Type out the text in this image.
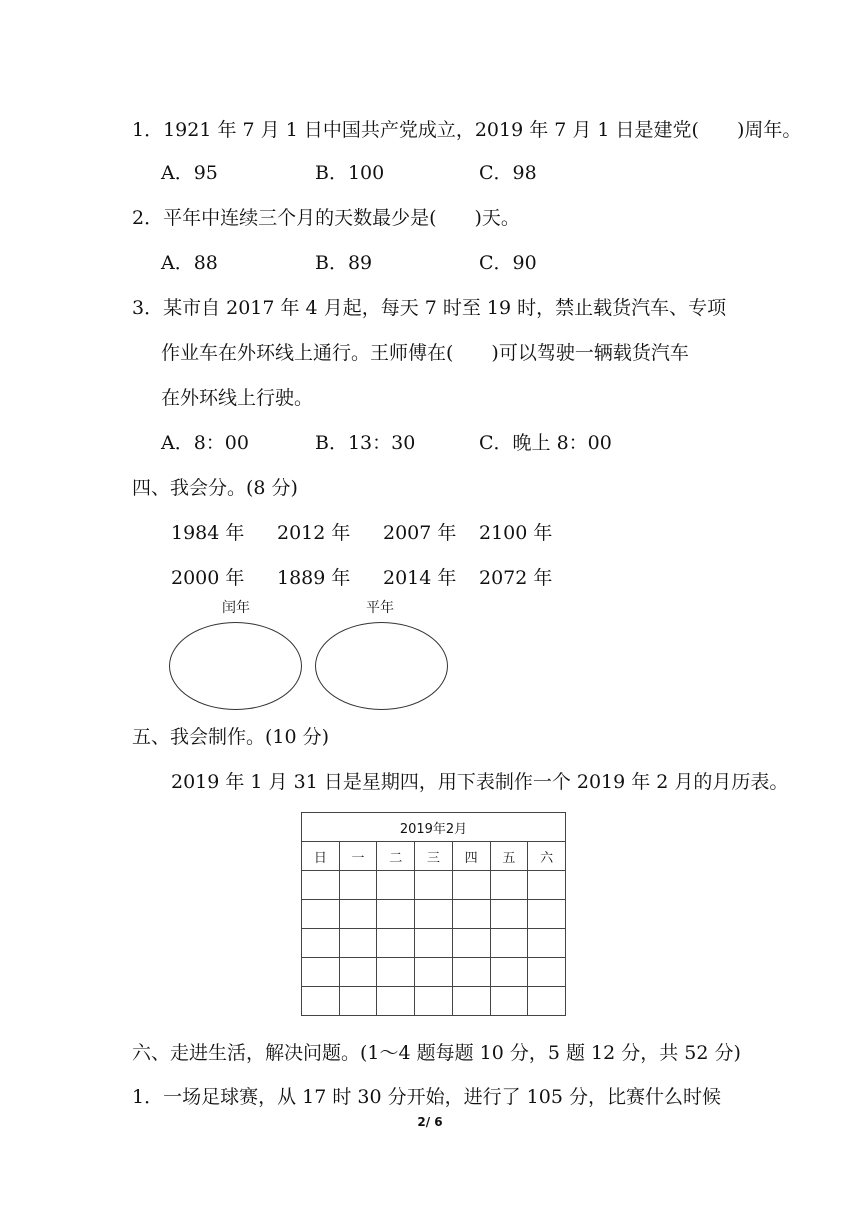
1．1921 年 7 月 1 日中国共产党成立，2019 年 7 月 1 日是建党(　　)周年。
A．95	B．100	C．98
2．平年中连续三个月的天数最少是(　　)天。
A．88	B．89	C．90
3．某市自 2017 年 4 月起，每天 7 时至 19 时，禁止载货汽车、专项
作业车在外环线上通行。王师傅在(　　)可以驾驶一辆载货汽车
在外环线上行驶。
A．8：00	B．13：30	C．晚上 8：00
四、我会分。(8 分)
1984 年 2012 年 2007 年 2100 年
2000 年 1889 年 2014 年 2072 年
闰年	平年
五、我会制作。(10 分)
2019 年 1 月 31 日是星期四，用下表制作一个 2019 年 2 月的月历表。
2019年2月						
日	一	二	三	四	五	六

六、走进生活，解决问题。(1～4 题每题 10 分，5 题 12 分，共 52 分)
1．一场足球赛，从 17 时 30 分开始，进行了 105 分，比赛什么时候
2/ 6
